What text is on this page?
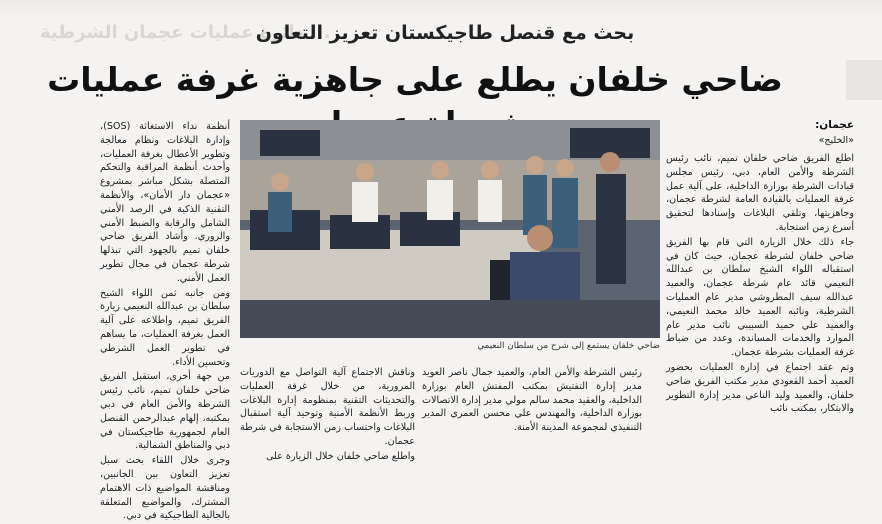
... دائرة عمليات عجمان الشرطية
بحث مع قنصل طاجيكستان تعزيز التعاون
ضاحي خلفان يطلع على جاهزية غرفة عمليات
عجمان:
«الخليج»

اطلع الفريق ضاحي خلفان تميم، نائب رئيس الشرطة والأمن العام، دبي، رئيس مجلس قيادات الشرطة بوزارة الداخلية، على آلية عمل غرفة العمليات بالقيادة العامة لشرطة عجمان، وجاهزيتها، وتلقي البلاغات وإسنادها لتحقيق أسرع زمن استجابة.

جاء ذلك خلال الزيارة التي قام بها الفريق ضاحي خلفان لشرطة عجمان، حيث كان في استقباله اللواء الشيخ سلطان بن عبدالله النعيمي قائد عام شرطة عجمان، والعميد عبدالله سيف المطروشي مدير عام العمليات الشرطية، ونائبه العميد خالد محمد النعيمي، والعميد علي حميد السبيبي نائب مدير عام الموارد والخدمات المساندة، وعدد من ضباط غرفة العمليات بشرطة عجمان.

وتم عقد اجتماع في إدارة العمليات بحضور العميد أحمد القعودي مدير مكتب الفريق ضاحي خلفان، والعميد وليد الناعي مدير إدارة التطوير والابتكار، بمكتب نائب

ضاحي خلفان يستمع إلى شرح من سلطان النعيمي

رئيس الشرطة والأمن العام، والعميد جمال ناصر العويد مدير إدارة التفتيش بمكتب المفتش العام بوزارة الداخلية، والعقيد محمد سالم مولي مدير إدارة الاتصالات بوزارة الداخلية، والمهندس علي محسن العمري المدير التنفيذي لمجموعة المدينة الأمنة.

وناقش الاجتماع آلية التواصل مع الدوريات المرورية، من خلال غرفة العمليات والتحديثات التقنية بمنظومة إدارة البلاغات وربط الأنظمة الأمنية وتوحيد آلية استقبال البلاغات واحتساب زمن الاستجابة في شرطة عجمان.

واطلع ضاحي خلفان خلال الزيارة على

أنظمة نداء الاستغاثة (SOS)، وإدارة البلاغات ونظام معالجة وتطوير الأعطال بغرفة العمليات، وأحدث أنظمة المراقبة والتحكم المتصلة بشكل مباشر بمشروع «عجمان دار الأمان»، والأنظمة التقنية الذكية في الرصد الأمني الشامل والرقابة والضبط الأمني والروري. وأشاد الفريق ضاحي خلفان تميم بالجهود التي تبذلها شرطة عجمان في مجال تطوير العمل الأمني.

ومن جانبه ثمن اللواء الشيخ سلطان بن عبدالله النعيمي زيارة الفريق تميم، واطلاعه على آلية العمل بغرفة العمليات، ما يساهم في تطوير العمل الشرطي وتحسين الأداء.

من جهة أخرى، استقبل الفريق ضاحي خلفان تميم، نائب رئيس الشرطة والأمن العام في دبي بمكتبه، إلهام عبدالرحمن القنصل العام لجمهورية طاجيكستان في دبي والمناطق الشمالية.

وجرى خلال اللقاء بحث سبل تعزيز التعاون بين الجانبين، ومناقشة المواضيع ذات الاهتمام المشترك، والمواضيع المتعلقة بالجالية الطاجيكية في دبي.
